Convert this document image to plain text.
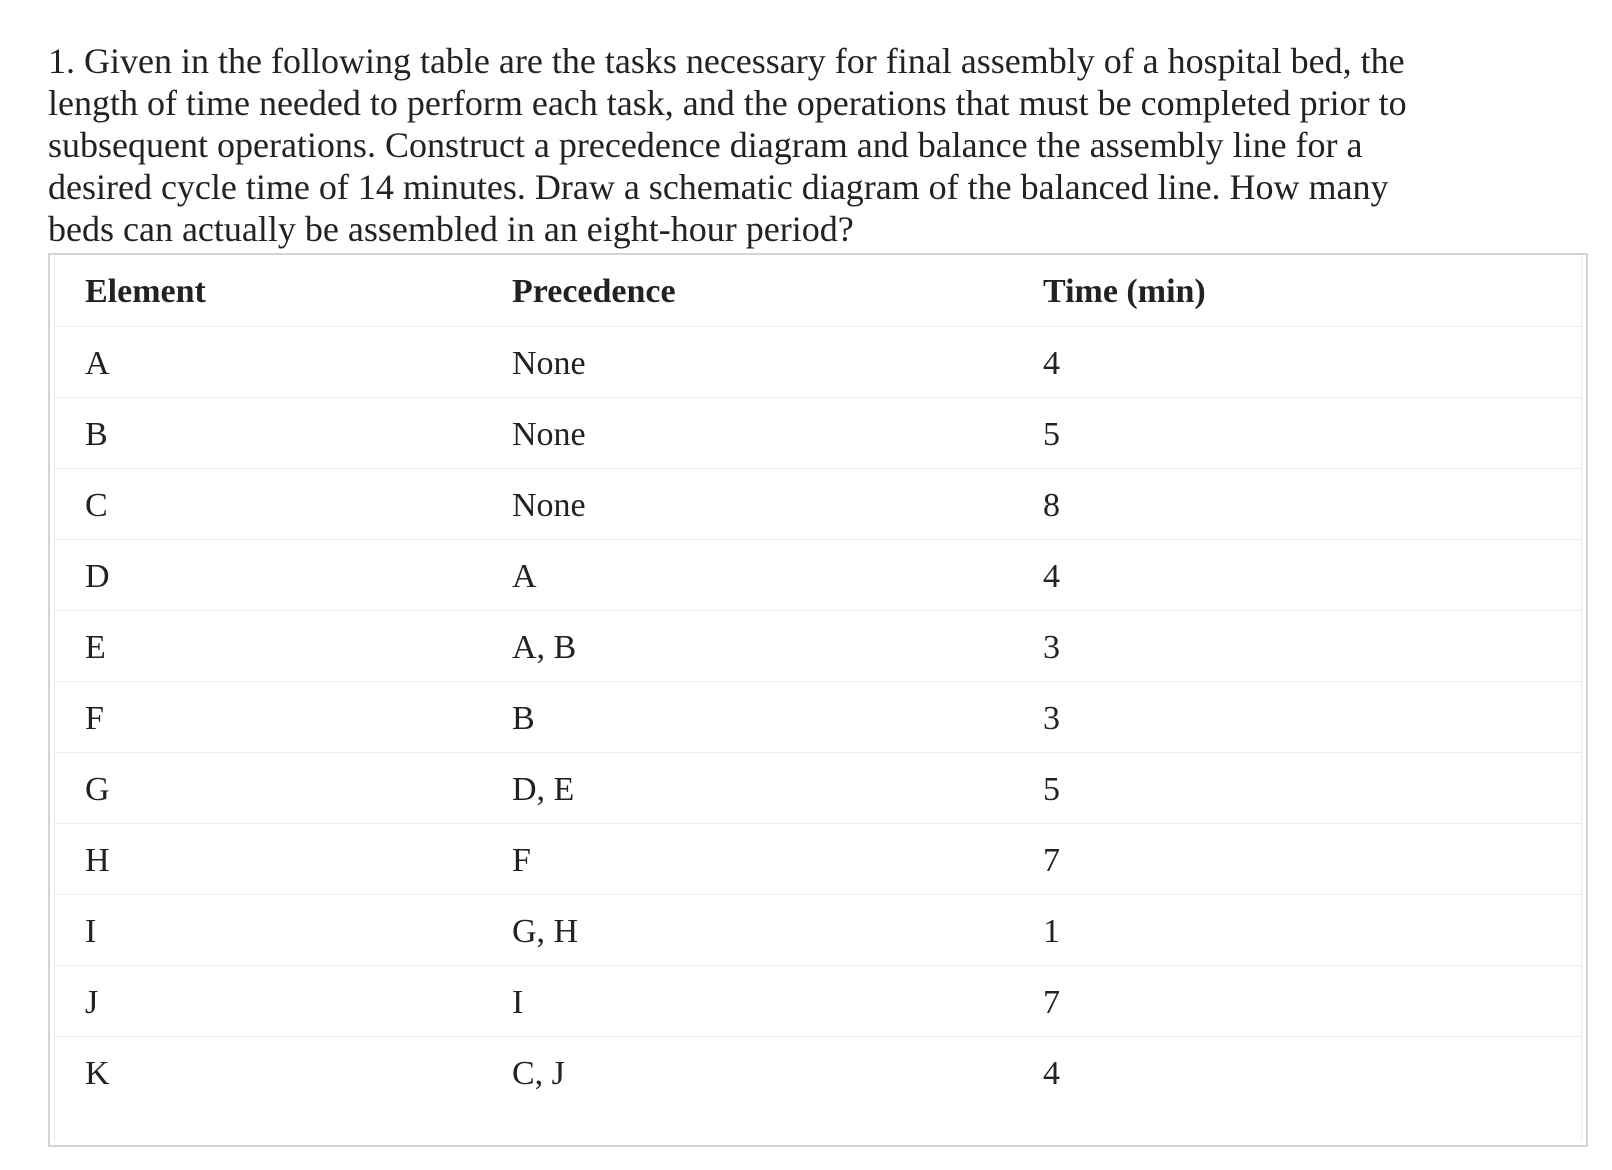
1. Given in the following table are the tasks necessary for final assembly of a hospital bed, the
length of time needed to perform each task, and the operations that must be completed prior to
subsequent operations. Construct a precedence diagram and balance the assembly line for a
desired cycle time of 14 minutes. Draw a schematic diagram of the balanced line. How many
beds can actually be assembled in an eight-hour period?
Element	Precedence	Time (min)
A	None	4
B	None	5
C	None	8
D	A	4
E	A, B	3
F	B	3
G	D, E	5
H	F	7
I	G, H	1
J	I	7
K	C, J	4
